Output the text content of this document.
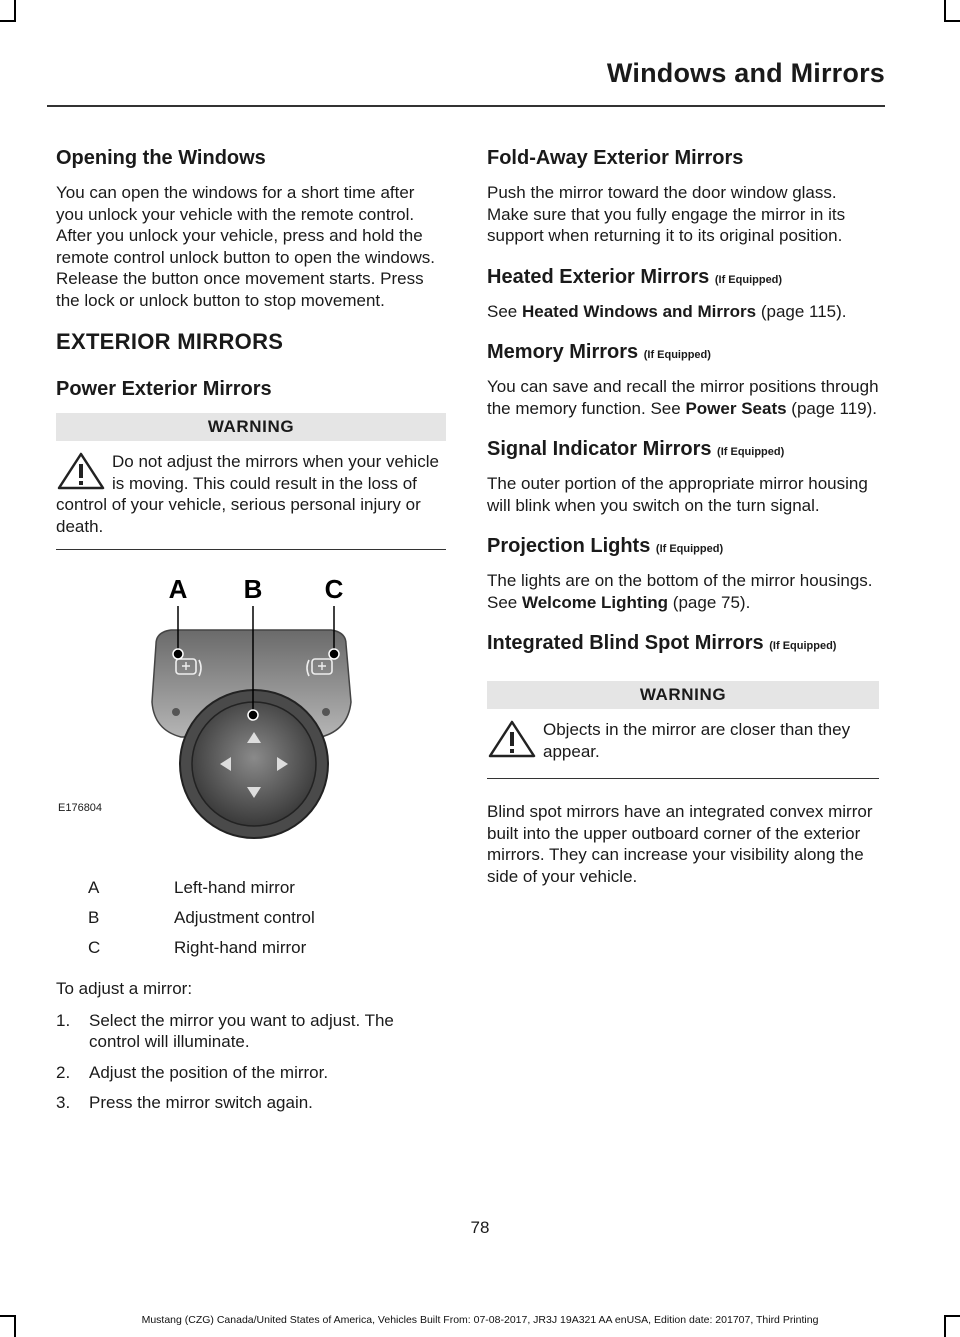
Windows and Mirrors
Opening the Windows

You can open the windows for a short time after you unlock your vehicle with the remote control. After you unlock your vehicle, press and hold the remote control unlock button to open the windows. Release the button once movement starts. Press the lock or unlock button to stop movement.

EXTERIOR MIRRORS
Power Exterior Mirrors
WARNING
Do not adjust the mirrors when your vehicle is moving. This could result in the loss of control of your vehicle, serious personal injury or death.
A B C
E176804
A	Left-hand mirror
B	Adjustment control
C	Right-hand mirror

To adjust a mirror:

1. Select the mirror you want to adjust. The control will illuminate.
2. Adjust the position of the mirror.
3. Press the mirror switch again.
Fold-Away Exterior Mirrors

Push the mirror toward the door window glass. Make sure that you fully engage the mirror in its support when returning it to its original position.

Heated Exterior Mirrors (If Equipped)

See Heated Windows and Mirrors (page 115).

Memory Mirrors (If Equipped)

You can save and recall the mirror positions through the memory function. See Power Seats (page 119).

Signal Indicator Mirrors (If Equipped)

The outer portion of the appropriate mirror housing will blink when you switch on the turn signal.

Projection Lights (If Equipped)

The lights are on the bottom of the mirror housings. See Welcome Lighting (page 75).

Integrated Blind Spot Mirrors (If Equipped)
WARNING
Objects in the mirror are closer than they appear.

Blind spot mirrors have an integrated convex mirror built into the upper outboard corner of the exterior mirrors. They can increase your visibility along the side of your vehicle.

78
Mustang (CZG) Canada/United States of America, Vehicles Built From: 07-08-2017, JR3J 19A321 AA enUSA, Edition date: 201707, Third Printing
